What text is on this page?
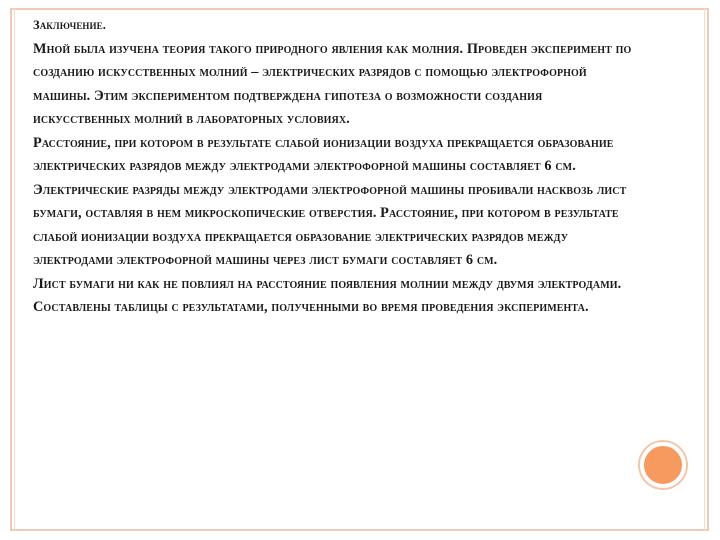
Заключение.
Мной была изучена теория такого природного явления как молния. Проведен эксперимент по созданию искусственных молний – электрических разрядов с помощью электрофорной машины. Этим экспериментом подтверждена гипотеза о возможности создания искусственных молний в лабораторных условиях.
Расстояние, при котором в результате слабой ионизации воздуха прекращается образование электрических разрядов между электродами электрофорной машины составляет 6 см.
Электрические разряды между электродами электрофорной машины пробивали насквозь лист бумаги, оставляя в нем микроскопические отверстия. Расстояние, при котором в результате слабой ионизации воздуха прекращается образование электрических разрядов между электродами электрофорной машины через лист бумаги составляет 6 см.
Лист бумаги ни как не повлиял на расстояние появления молнии между двумя электродами.
Составлены таблицы с результатами, полученными во время проведения эксперимента.
